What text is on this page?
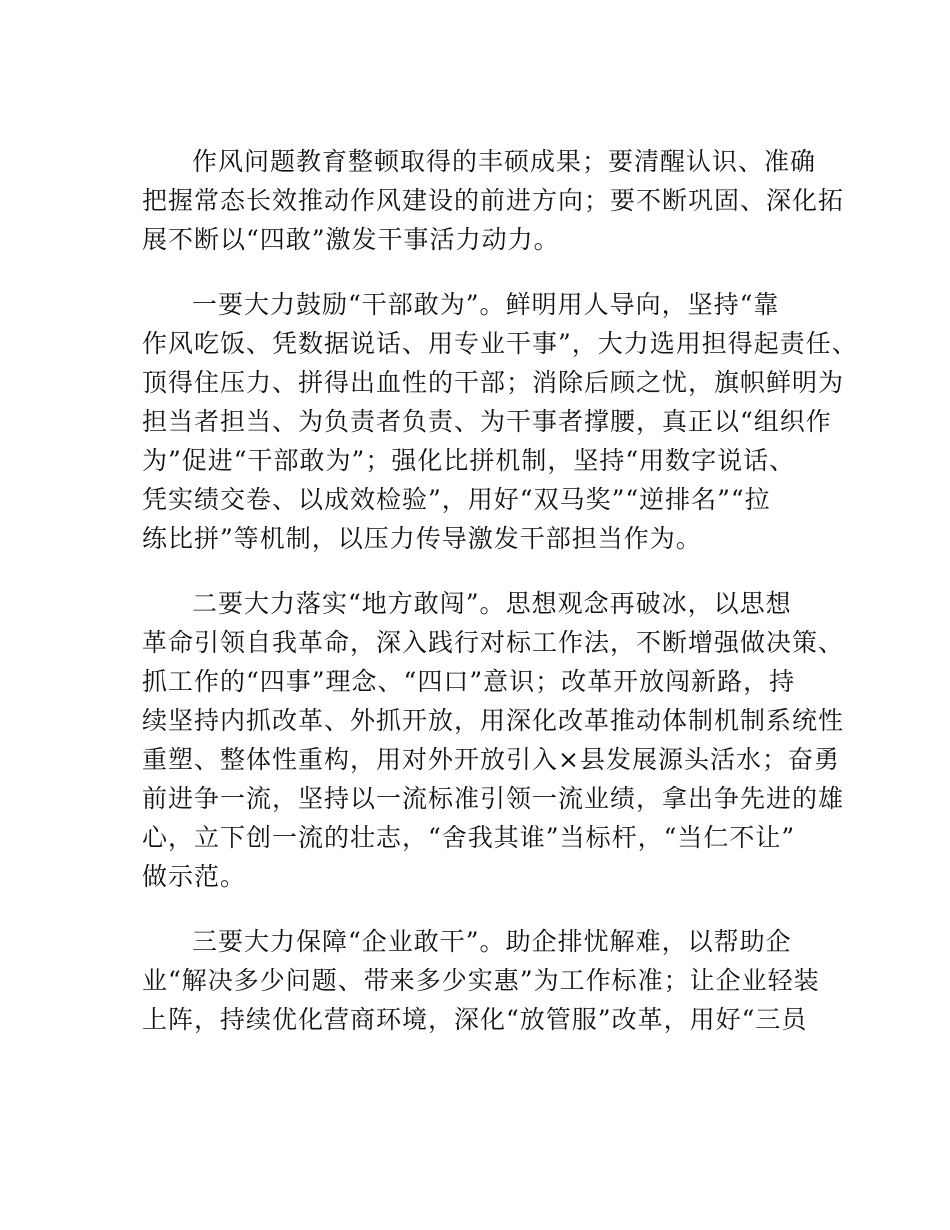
作风问题教育整顿取得的丰硕成果；要清醒认识、准确
把握常态长效推动作风建设的前进方向；要不断巩固、深化拓
展不断以“四敢”激发干事活力动力。

一要大力鼓励“干部敢为”。鲜明用人导向，坚持“靠
作风吃饭、凭数据说话、用专业干事”，大力选用担得起责任、
顶得住压力、拼得出血性的干部；消除后顾之忧，旗帜鲜明为
担当者担当、为负责者负责、为干事者撑腰，真正以“组织作
为”促进“干部敢为”；强化比拼机制，坚持“用数字说话、
凭实绩交卷、以成效检验”，用好“双马奖”“逆排名”“拉
练比拼”等机制，以压力传导激发干部担当作为。

二要大力落实“地方敢闯”。思想观念再破冰，以思想
革命引领自我革命，深入践行对标工作法，不断增强做决策、
抓工作的“四事”理念、“四口”意识；改革开放闯新路，持
续坚持内抓改革、外抓开放，用深化改革推动体制机制系统性
重塑、整体性重构，用对外开放引入×县发展源头活水；奋勇
前进争一流，坚持以一流标准引领一流业绩，拿出争先进的雄
心，立下创一流的壮志，“舍我其谁”当标杆，“当仁不让”
做示范。

三要大力保障“企业敢干”。助企排忧解难，以帮助企
业“解决多少问题、带来多少实惠”为工作标准；让企业轻装
上阵，持续优化营商环境，深化“放管服”改革，用好“三员
